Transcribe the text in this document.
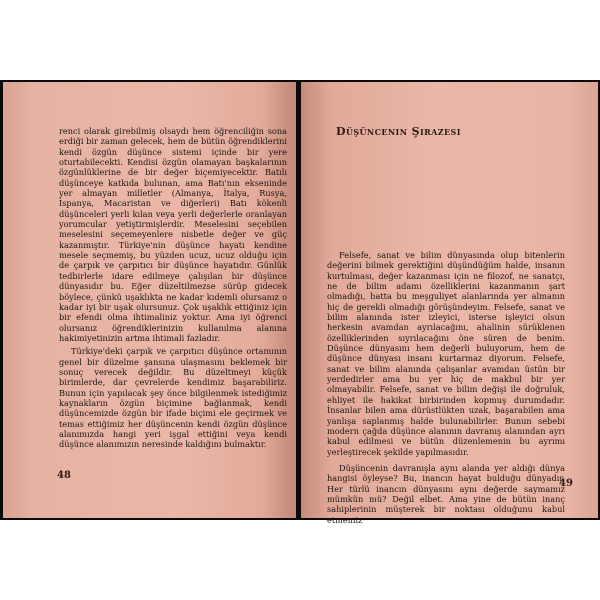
renci olarak girebilmiş olsaydı hem öğrenciliğin sona erdiği bir zaman gelecek, hem de bütün öğrendiklerini kendi özgün düşünce sistemi içinde bir yere oturtabilecekti. Kendisi özgün olamayan başkalarının özgünlüklerine de bir değer biçemiyecektir. Batılı düşünceye katkıda bulunan, ama Batı'nın ekseninde yer almayan milletler (Almanya, İtalya, Rusya, İspanya, Macaristan ve diğerleri) Batı kökenli düşünceleri yerli kılan veya yerli değerlerle oranlayan yorumcular yetiştirmişlerdir. Meselesini seçebilen meselesini seçemeyenlere nisbetle değer ve güç kazanmıştır. Türkiye'nin düşünce hayatı kendine mesele seçmemiş, bu yüzden ucuz, ucuz olduğu için de çarpık ve çarpıtıcı bir düşünce hayatıdır. Günlük tedbirlerle idare edilmeye çalışılan bir düşünce dünyasıdır bu. Eğer düzeltilmezse sürüp gidecek böylece, çünkü uşaklıkta ne kadar kıdemli olursanız o kadar iyi bir uşak olursunuz. Çok uşaklık ettiğiniz için bir efendi olma ihtimaliniz yoktur. Ama iyi öğrenci olursanız öğrendiklerinizin kullanılma alanına hakimiyetinizin artma ihtimali fazladır.

Türkiye'deki çarpık ve çarpıtıcı düşünce ortamının genel bir düzelme şansına ulaşmasını beklemek bir sonuç verecek değildir. Bu düzeltmeyi küçük birimlerde, dar çevrelerde kendimiz başarabiliriz. Bunun için yapılacak şey önce bilgilenmek istediğimiz kaynakların özgün biçimine bağlanmak, kendi düşüncemizde özgün bir ifade biçimi ele geçirmek ve temas ettiğimiz her düşüncenin kendi özgün düşünce alanımızda hangi yeri işgal ettiğini veya kendi düşünce alanımızın neresinde kaldığını bulmaktır.

48
Düşüncenin Şirazesi

Felsefe, sanat ve bilim dünyasında olup bitenlerin değerini bilmek gerektiğini düşündüğüm halde, insanın kurtulması, değer kazanması için ne filozof, ne sanatçı, ne de bilim adamı özelliklerini kazanmanın şart olmadığı, hatta bu meşguliyet alanlarında yer almanın hiç de gerekli olmadığı görüşündeyim. Felsefe, sanat ve bilim alanında ister izleyici, isterse işleyici olsun herkesin avamdan ayrılacağını, ahalinin sürüklenen özelliklerinden sıyrılacağını öne süren de benim. Düşünce dünyasını hem değerli buluyorum, hem de düşünce dünyası insanı kurtarmaz diyorum. Felsefe, sanat ve bilim alanında çalışanlar avamdan üstün bir yerdedirler ama bu yer hiç de makbul bir yer olmayabilir. Felsefe, sanat ve bilim değişi ile doğruluk, ehliyet ile hakikat birbirinden kopmuş durumdadır. İnsanlar bilen ama dürüstlükten uzak, başarabilen ama yanlışa saplanmış halde bulunabilirler. Bunun sebebi modern çağda düşünce alanının davranış alanından ayrı kabul edilmesi ve bütün düzenlemenin bu ayrımı yerleştirecek şekilde yapılmasıdır.

Düşüncenin davranışla aynı alanda yer aldığı dünya hangisi öyleyse? Bu, inancın hayat bulduğu dünyadır. Her türlü inancın dünyasını aynı değerde saymamız mümkün mü? Değil elbet. Ama yine de bütün inanç sahiplerinin müşterek bir noktası olduğunu kabul etmemiz

49
